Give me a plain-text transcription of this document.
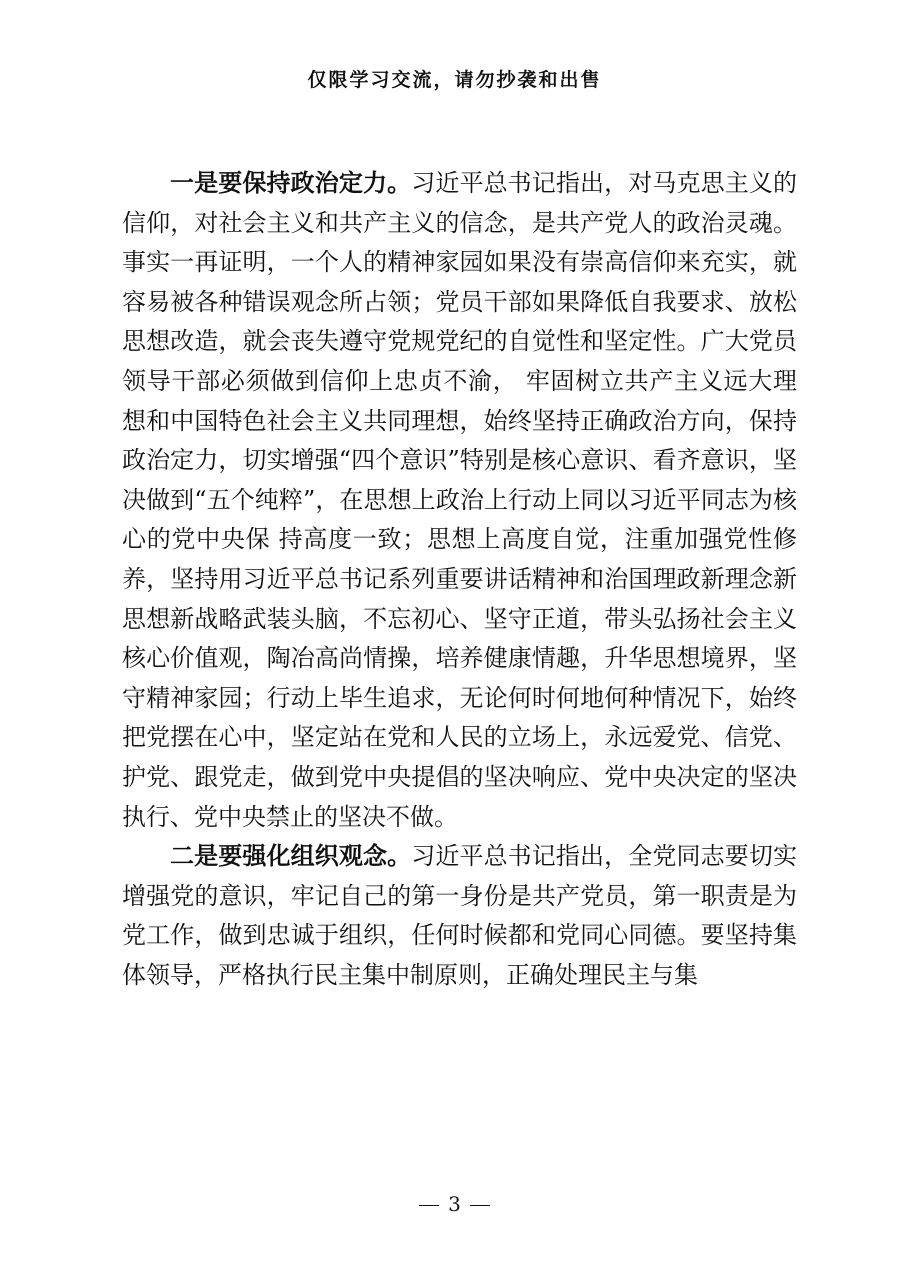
仅限学习交流，请勿抄袭和出售

一是要保持政治定力。习近平总书记指出，对马克思主义的信仰，对社会主义和共产主义的信念，是共产党人的政治灵魂。事实一再证明，一个人的精神家园如果没有崇高信仰来充实，就容易被各种错误观念所占领；党员干部如果降低自我要求、放松思想改造，就会丧失遵守党规党纪的自觉性和坚定性。广大党员领导干部必须做到信仰上忠贞不渝， 牢固树立共产主义远大理想和中国特色社会主义共同理想，始终坚持正确政治方向，保持政治定力，切实增强“四个意识”特别是核心意识、看齐意识，坚决做到“五个纯粹”，在思想上政治上行动上同以习近平同志为核心的党中央保 持高度一致；思想上高度自觉，注重加强党性修养，坚持用习近平总书记系列重要讲话精神和治国理政新理念新思想新战略武装头脑，不忘初心、坚守正道，带头弘扬社会主义核心价值观，陶冶高尚情操，培养健康情趣，升华思想境界，坚守精神家园；行动上毕生追求，无论何时何地何种情况下，始终把党摆在心中，坚定站在党和人民的立场上，永远爱党、信党、护党、跟党走，做到党中央提倡的坚决响应、党中央决定的坚决执行、党中央禁止的坚决不做。

二是要强化组织观念。习近平总书记指出，全党同志要切实增强党的意识，牢记自己的第一身份是共产党员，第一职责是为党工作，做到忠诚于组织，任何时候都和党同心同德。要坚持集体领导，严格执行民主集中制原则，正确处理民主与集

3
